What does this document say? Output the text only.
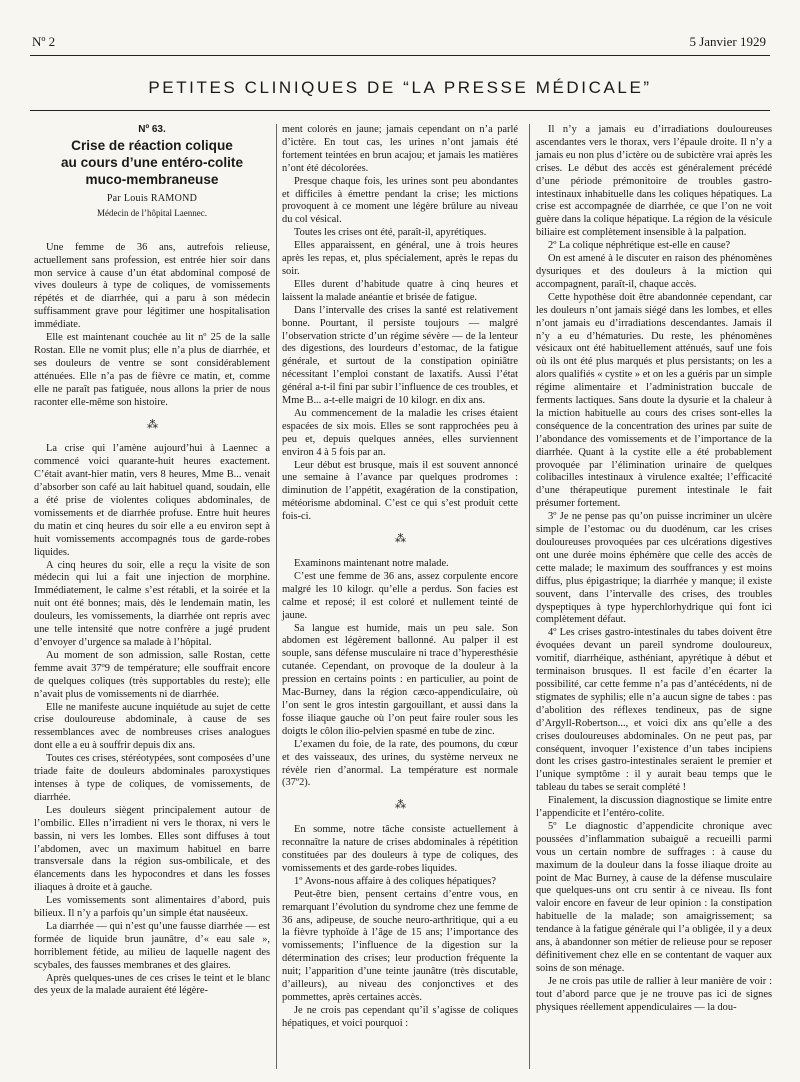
Nº 2	5 Janvier 1929
PETITES CLINIQUES DE “LA PRESSE MÉDICALE”

Nº 63.

Crise de réaction colique
au cours d’une entéro-colite
muco-membraneuse
Par Louis RAMOND
Médecin de l’hôpital Laennec.

Une femme de 36 ans, autrefois relieuse, actuellement sans profession, est entrée hier soir dans mon service à cause d’un état abdominal composé de vives douleurs à type de coliques, de vomissements répétés et de diarrhée, qui a paru à son médecin suffisamment grave pour légitimer une hospitalisation immédiate.

Elle est maintenant couchée au lit nº 25 de la salle Rostan. Elle ne vomit plus; elle n’a plus de diarrhée, et ses douleurs de ventre se sont considérablement atténuées. Elle n’a pas de fièvre ce matin, et, comme elle ne paraît pas fatiguée, nous allons la prier de nous raconter elle-même son histoire.

⁂

La crise qui l’amène aujourd’hui à Laennec a commencé voici quarante-huit heures exactement. C’était avant-hier matin, vers 8 heures, Mme B... venait d’absorber son café au lait habituel quand, soudain, elle a été prise de violentes coliques abdominales, de vomissements et de diarrhée profuse. Entre huit heures du matin et cinq heures du soir elle a eu environ sept à huit vomissements accompagnés tous de garde-robes liquides.

A cinq heures du soir, elle a reçu la visite de son médecin qui lui a fait une injection de morphine. Immédiatement, le calme s’est rétabli, et la soirée et la nuit ont été bonnes; mais, dès le lendemain matin, les douleurs, les vomissements, la diarrhée ont repris avec une telle intensité que notre confrère a jugé prudent d’envoyer d’urgence sa malade à l’hôpital.

Au moment de son admission, salle Rostan, cette femme avait 37º9 de température; elle souffrait encore de quelques coliques (très supportables du reste); elle n’avait plus de vomissements ni de diarrhée.

Elle ne manifeste aucune inquiétude au sujet de cette crise douloureuse abdominale, à cause de ses ressemblances avec de nombreuses crises analogues dont elle a eu à souffrir depuis dix ans.

Toutes ces crises, stéréotypées, sont composées d’une triade faite de douleurs abdominales paroxystiques intenses à type de coliques, de vomissements, de diarrhée.

Les douleurs siègent principalement autour de l’ombilic. Elles n’irradient ni vers le thorax, ni vers le bassin, ni vers les lombes. Elles sont diffuses à tout l’abdomen, avec un maximum habituel en barre transversale dans la région sus-ombilicale, et des élancements dans les hypocondres et dans les fosses iliaques à droite et à gauche.

Les vomissements sont alimentaires d’abord, puis bilieux. Il n’y a parfois qu’un simple état nauséeux.

La diarrhée — qui n’est qu’une fausse diarrhée — est formée de liquide brun jaunâtre, d’« eau sale », horriblement fétide, au milieu de laquelle nagent des scybales, des fausses membranes et des glaires.

Après quelques-unes de ces crises le teint et le blanc des yeux de la malade auraient été légère-

ment colorés en jaune; jamais cependant on n’a parlé d’ictère. En tout cas, les urines n’ont jamais été fortement teintées en brun acajou; et jamais les matières n’ont été décolorées.

Presque chaque fois, les urines sont peu abondantes et difficiles à émettre pendant la crise; les mictions provoquent à ce moment une légère brûlure au niveau du col vésical.

Toutes les crises ont été, paraît-il, apyrétiques.

Elles apparaissent, en général, une à trois heures après les repas, et, plus spécialement, après le repas du soir.

Elles durent d’habitude quatre à cinq heures et laissent la malade anéantie et brisée de fatigue.

Dans l’intervalle des crises la santé est relativement bonne. Pourtant, il persiste toujours — malgré l’observation stricte d’un régime sévère — de la lenteur des digestions, des lourdeurs d’estomac, de la fatigue générale, et surtout de la constipation opiniâtre nécessitant l’emploi constant de laxatifs. Aussi l’état général a-t-il fini par subir l’influence de ces troubles, et Mme B... a-t-elle maigri de 10 kilogr. en dix ans.

Au commencement de la maladie les crises étaient espacées de six mois. Elles se sont rapprochées peu à peu et, depuis quelques années, elles surviennent environ 4 à 5 fois par an.

Leur début est brusque, mais il est souvent annoncé une semaine à l’avance par quelques prodromes : diminution de l’appétit, exagération de la constipation, météorisme abdominal. C’est ce qui s’est produit cette fois-ci.

⁂

Examinons maintenant notre malade.

C’est une femme de 36 ans, assez corpulente encore malgré les 10 kilogr. qu’elle a perdus. Son facies est calme et reposé; il est coloré et nullement teinté de jaune.

Sa langue est humide, mais un peu sale. Son abdomen est légèrement ballonné. Au palper il est souple, sans défense musculaire ni trace d’hyperesthésie cutanée. Cependant, on provoque de la douleur à la pression en certains points : en particulier, au point de Mac-Burney, dans la région cæco-appendiculaire, où l’on sent le gros intestin gargouillant, et aussi dans la fosse iliaque gauche où l’on peut faire rouler sous les doigts le côlon ilio-pelvien spasmé en tube de zinc.

L’examen du foie, de la rate, des poumons, du cœur et des vaisseaux, des urines, du système nerveux ne révèle rien d’anormal. La température est normale (37º2).

⁂

En somme, notre tâche consiste actuellement à reconnaître la nature de crises abdominales à répétition constituées par des douleurs à type de coliques, des vomissements et des garde-robes liquides.

1º Avons-nous affaire à des coliques hépatiques?

Peut-être bien, pensent certains d’entre vous, en remarquant l’évolution du syndrome chez une femme de 36 ans, adipeuse, de souche neuro-arthritique, qui a eu la fièvre typhoïde à l’âge de 15 ans; l’importance des vomissements; l’influence de la digestion sur la détermination des crises; leur production fréquente la nuit; l’apparition d’une teinte jaunâtre (très discutable, d’ailleurs), au niveau des conjonctives et des pommettes, après certaines accès.

Je ne crois pas cependant qu’il s’agisse de coliques hépatiques, et voici pourquoi :

Il n’y a jamais eu d’irradiations douloureuses ascendantes vers le thorax, vers l’épaule droite. Il n’y a jamais eu non plus d’ictère ou de subictère vrai après les crises. Le début des accès est généralement précédé d’une période prémonitoire de troubles gastro-intestinaux inhabituelle dans les coliques hépatiques. La crise est accompagnée de diarrhée, ce que l’on ne voit guère dans la colique hépatique. La région de la vésicule biliaire est complètement insensible à la palpation.

2º La colique néphrétique est-elle en cause?

On est amené à le discuter en raison des phénomènes dysuriques et des douleurs à la miction qui accompagnent, paraît-il, chaque accès.

Cette hypothèse doit être abandonnée cependant, car les douleurs n’ont jamais siégé dans les lombes, et elles n’ont jamais eu d’irradiations descendantes. Jamais il n’y a eu d’hématuries. Du reste, les phénomènes vésicaux ont été habituellement atténués, sauf une fois où ils ont été plus marqués et plus persistants; on les a alors qualifiés « cystite » et on les a guéris par un simple régime alimentaire et l’administration buccale de ferments lactiques. Sans doute la dysurie et la chaleur à la miction habituelle au cours des crises sont-elles la conséquence de la concentration des urines par suite de l’abondance des vomissements et de l’importance de la diarrhée. Quant à la cystite elle a été probablement provoquée par l’élimination urinaire de quelques colibacilles intestinaux à virulence exaltée; l’efficacité d’une thérapeutique purement intestinale le fait présumer fortement.

3º Je ne pense pas qu’on puisse incriminer un ulcère simple de l’estomac ou du duodénum, car les crises douloureuses provoquées par ces ulcérations digestives ont une durée moins éphémère que celle des accès de cette malade; le maximum des souffrances y est moins diffus, plus épigastrique; la diarrhée y manque; il existe souvent, dans l’intervalle des crises, des troubles dyspeptiques à type hyperchlorhydrique qui font ici complètement défaut.

4º Les crises gastro-intestinales du tabes doivent être évoquées devant un pareil syndrome douloureux, vomitif, diarrhéique, asthéniant, apyrétique à début et terminaison brusques. Il est facile d’en écarter la possibilité, car cette femme n’a pas d’antécédents, ni de stigmates de syphilis; elle n’a aucun signe de tabes : pas d’abolition des réflexes tendineux, pas de signe d’Argyll-Robertson..., et voici dix ans qu’elle a des crises douloureuses abdominales. On ne peut pas, par conséquent, invoquer l’existence d’un tabes incipiens dont les crises gastro-intestinales seraient le premier et l’unique symptôme : il y aurait beau temps que le tableau du tabes se serait complété !

Finalement, la discussion diagnostique se limite entre l’appendicite et l’entéro-colite.

5º Le diagnostic d’appendicite chronique avec poussées d’inflammation subaiguë a recueilli parmi vous un certain nombre de suffrages : à cause du maximum de la douleur dans la fosse iliaque droite au point de Mac Burney, à cause de la défense musculaire que quelques-uns ont cru sentir à ce niveau. Ils font valoir encore en faveur de leur opinion : la constipation habituelle de la malade; son amaigrissement; sa tendance à la fatigue générale qui l’a obligée, il y a deux ans, à abandonner son métier de relieuse pour se reposer définitivement chez elle en se contentant de vaquer aux soins de son ménage.

Je ne crois pas utile de rallier à leur manière de voir : tout d’abord parce que je ne trouve pas ici de signes physiques réellement appendiculaires — la dou-
